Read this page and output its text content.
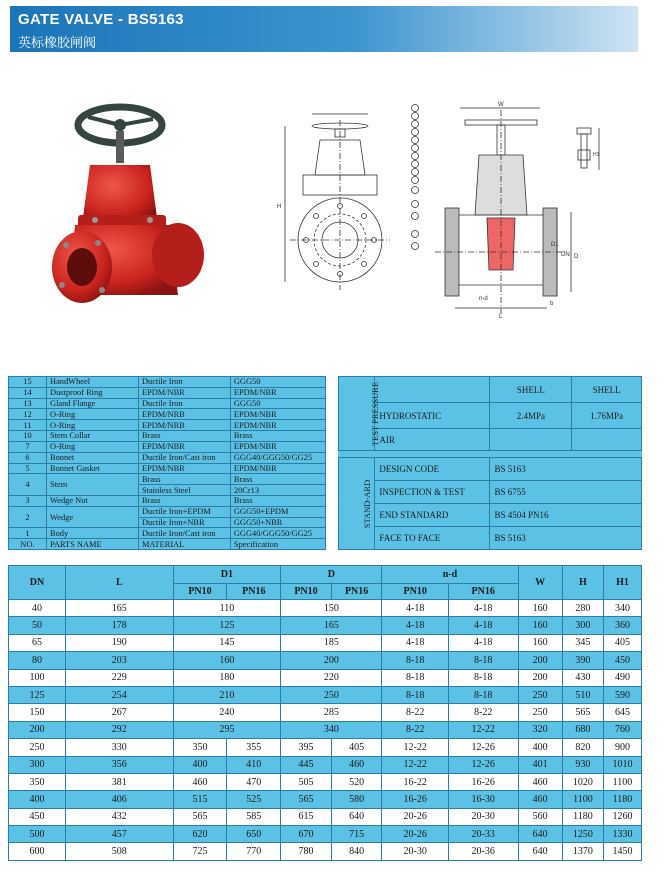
GATE VALVE - BS5163
英标橡胶闸阀
H
W
L
b
DN
D1
D
n-d
H1
15	HandWheel	Ductile Iron	GGG50
14	Dustproof Ring	EPDM/NBR	EPDM/NBR
13	Gland Flange	Ductile Iron	GGG50
12	O-Ring	EPDM/NRB	EPDM/NBR
11	O-Ring	EPDM/NRB	EPDM/NBR
10	Stem Collar	Brass	Brass
7	O-Ring	EPDM/NBR	EPDM/NBR
6	Bonnet	Ductile Iron/Cast iron	GGG40/GGG50/GG25
5	Bonnet Gasket	EPDM/NBR	EPDM/NBR
4	Stem	Brass	Brass
		Stainless Steel	20Cr13
3	Wedge Nut	Brass	Brass
2	Wedge	Ductile Iron+EPDM	GGG50+EPDM
		Ductile Iron+NBR	GGG50+NBR
1	Body	Ductile Iron/Cast iron	GGG40/GGG50/GG25
NO.	PARTS NAME	MATERIAL	Specification
TEST PRESSURE		SHELL	SHELL
	HYDROSTATIC	2.4MPa	1.76MPa
	AIR		

STAND-ARD	DESIGN CODE	BS 5163	
	INSPECTION & TEST	BS 6755	
	END STANDARD	BS 4504 PN16	
	FACE TO FACE	BS 5163	
DN	L	D1		D		n-d		W	H	H1
		PN10	PN16	PN10	PN16	PN10	PN16			
40	165	110		150		4-18	4-18	160	280	340
50	178	125		165		4-18	4-18	160	300	360
65	190	145		185		4-18	4-18	160	345	405
80	203	160		200		8-18	8-18	200	390	450
100	229	180		220		8-18	8-18	200	430	490
125	254	210		250		8-18	8-18	250	510	590
150	267	240		285		8-22	8-22	250	565	645
200	292	295		340		8-22	12-22	320	680	760
250	330	350	355	395	405	12-22	12-26	400	820	900
300	356	400	410	445	460	12-22	12-26	401	930	1010
350	381	460	470	505	520	16-22	16-26	460	1020	1100
400	406	515	525	565	580	16-26	16-30	460	1100	1180
450	432	565	585	615	640	20-26	20-30	560	1180	1260
500	457	620	650	670	715	20-26	20-33	640	1250	1330
600	508	725	770	780	840	20-30	20-36	640	1370	1450
